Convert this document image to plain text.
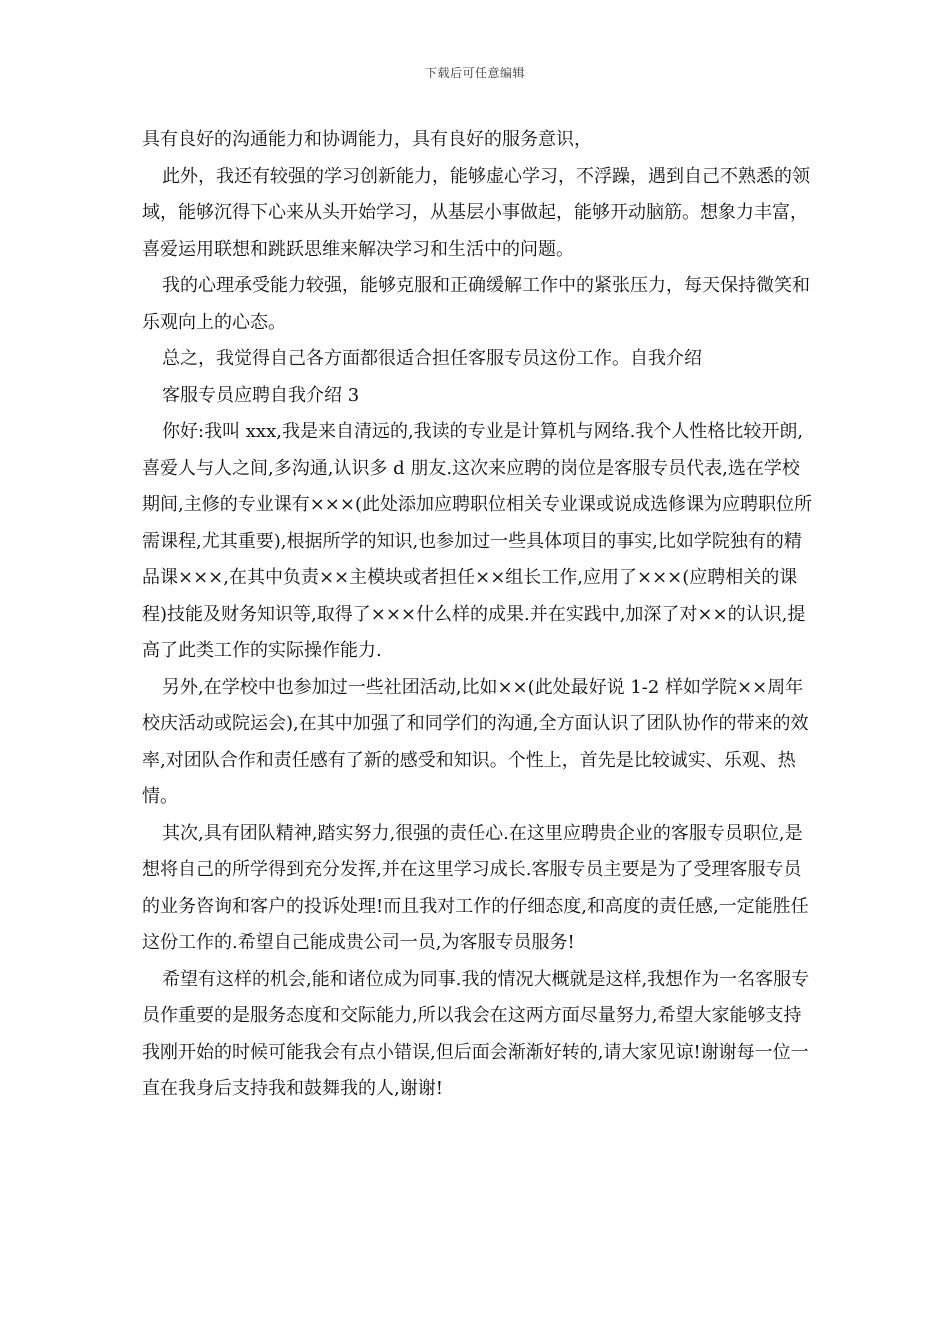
下载后可任意编辑

具有良好的沟通能力和协调能力，具有良好的服务意识，

此外，我还有较强的学习创新能力，能够虚心学习，不浮躁，遇到自己不熟悉的领域，能够沉得下心来从头开始学习，从基层小事做起，能够开动脑筋。想象力丰富，喜爱运用联想和跳跃思维来解决学习和生活中的问题。

我的心理承受能力较强，能够克服和正确缓解工作中的紧张压力，每天保持微笑和乐观向上的心态。

总之，我觉得自己各方面都很适合担任客服专员这份工作。自我介绍

客服专员应聘自我介绍 3

你好:我叫 xxx,我是来自清远的,我读的专业是计算机与网络.我个人性格比较开朗,喜爱人与人之间,多沟通,认识多 d 朋友.这次来应聘的岗位是客服专员代表,选在学校期间,主修的专业课有×××(此处添加应聘职位相关专业课或说成选修课为应聘职位所需课程,尤其重要),根据所学的知识,也参加过一些具体项目的事实,比如学院独有的精品课×××,在其中负责××主模块或者担任××组长工作,应用了×××(应聘相关的课程)技能及财务知识等,取得了×××什么样的成果.并在实践中,加深了对××的认识,提高了此类工作的实际操作能力.

另外,在学校中也参加过一些社团活动,比如××(此处最好说 1-2 样如学院××周年校庆活动或院运会),在其中加强了和同学们的沟通,全方面认识了团队协作的带来的效率,对团队合作和责任感有了新的感受和知识。个性上，首先是比较诚实、乐观、热情。

其次,具有团队精神,踏实努力,很强的责任心.在这里应聘贵企业的客服专员职位,是想将自己的所学得到充分发挥,并在这里学习成长.客服专员主要是为了受理客服专员的业务咨询和客户的投诉处理!而且我对工作的仔细态度,和高度的责任感,一定能胜任这份工作的.希望自己能成贵公司一员,为客服专员服务!

希望有这样的机会,能和诸位成为同事.我的情况大概就是这样,我想作为一名客服专员作重要的是服务态度和交际能力,所以我会在这两方面尽量努力,希望大家能够支持我刚开始的时候可能我会有点小错误,但后面会渐渐好转的,请大家见谅!谢谢每一位一直在我身后支持我和鼓舞我的人,谢谢!
